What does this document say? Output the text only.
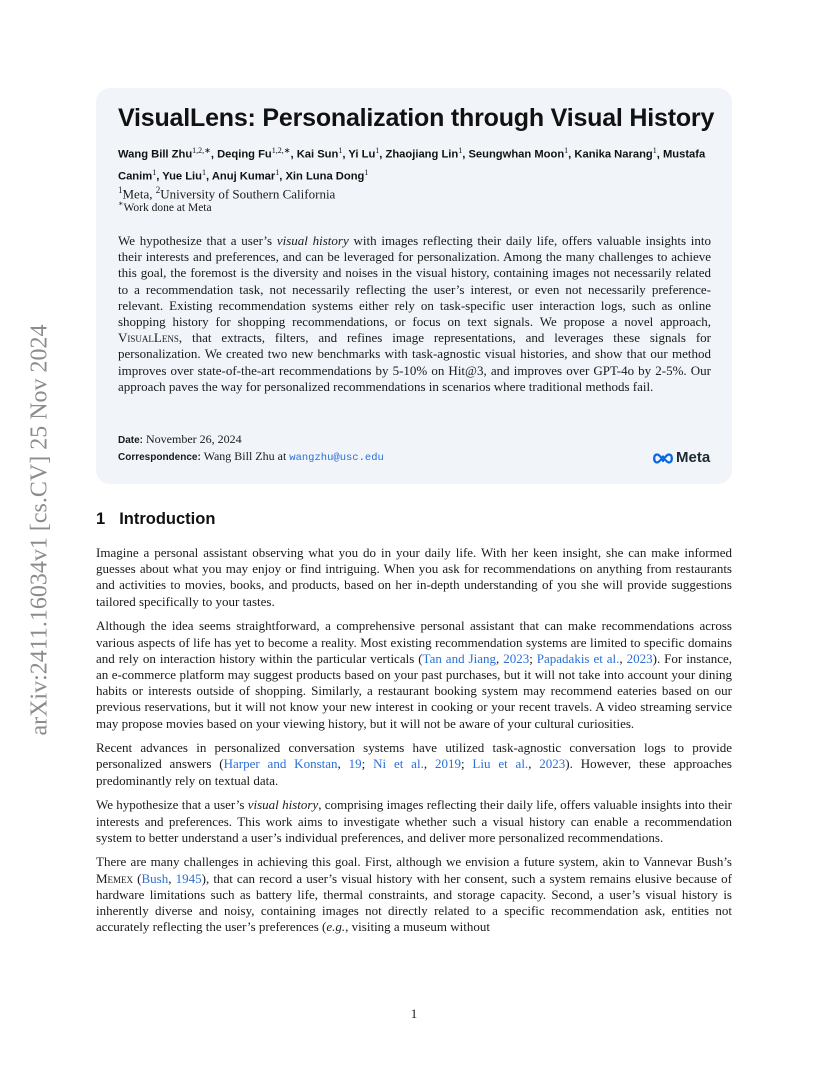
arXiv:2411.16034v1 [cs.CV] 25 Nov 2024
VisualLens: Personalization through Visual History
Wang Bill Zhu$^{1,2,∗}$, Deqing $Fu^{1,2,∗}$, Kai Sun$^1$, Yi Lu$^1$, Zhaojiang Lin$^1$, Seungwhan Moon$^1$, Kanika Narang$^1$, Mustafa Canim$^1$, Yue Liu$^1$, Anuj Kumar$^1$, Xin Luna Dong$^1$
$^1$Meta, $^2$University of Southern California
∗Work done at Meta

We hypothesize that a user’s visual history with images reflecting their daily life, offers valuable insights into their interests and preferences, and can be leveraged for personalization. Among the many challenges to achieve this goal, the foremost is the diversity and noises in the visual history, containing images not necessarily related to a recommendation task, not necessarily reflecting the user’s interest, or even not necessarily preference-relevant. Existing recommendation systems either rely on task-specific user interaction logs, such as online shopping history for shopping recommendations, or focus on text signals. We propose a novel approach, VisualLens, that extracts, filters, and refines image representations, and leverages these signals for personalization. We created two new benchmarks with task-agnostic visual histories, and show that our method improves over state-of-the-art recommendations by 5-10% on Hit@3, and improves over GPT-4o by 2-5%. Our approach paves the way for personalized recommendations in scenarios where traditional methods fail.

Date: November 26, 2024
Correspondence: Wang Bill Zhu at wangzhu@usc.edu	Meta
1 Introduction

Imagine a personal assistant observing what you do in your daily life. With her keen insight, she can make informed guesses about what you may enjoy or find intriguing. When you ask for recommendations on anything from restaurants and activities to movies, books, and products, based on her in-depth understanding of you she will provide suggestions tailored specifically to your tastes.

Although the idea seems straightforward, a comprehensive personal assistant that can make recommendations across various aspects of life has yet to become a reality. Most existing recommendation systems are limited to specific domains and rely on interaction history within the particular verticals (Tan and Jiang, 2023; Papadakis et al., 2023). For instance, an e-commerce platform may suggest products based on your past purchases, but it will not take into account your dining habits or interests outside of shopping. Similarly, a restaurant booking system may recommend eateries based on our previous reservations, but it will not know your new interest in cooking or your recent travels. A video streaming service may propose movies based on your viewing history, but it will not be aware of your cultural curiosities.

Recent advances in personalized conversation systems have utilized task-agnostic conversation logs to provide personalized answers (Harper and Konstan, 19; Ni et al., 2019; Liu et al., 2023). However, these approaches predominantly rely on textual data.

We hypothesize that a user’s visual history, comprising images reflecting their daily life, offers valuable insights into their interests and preferences. This work aims to investigate whether such a visual history can enable a recommendation system to better understand a user’s individual preferences, and deliver more personalized recommendations.

There are many challenges in achieving this goal. First, although we envision a future system, akin to Vannevar Bush’s Memex (Bush, 1945), that can record a user’s visual history with her consent, such a system remains elusive because of hardware limitations such as battery life, thermal constraints, and storage capacity. Second, a user’s visual history is inherently diverse and noisy, containing images not directly related to a specific recommendation ask, entities not accurately reflecting the user’s preferences (e.g., visiting a museum without

1
